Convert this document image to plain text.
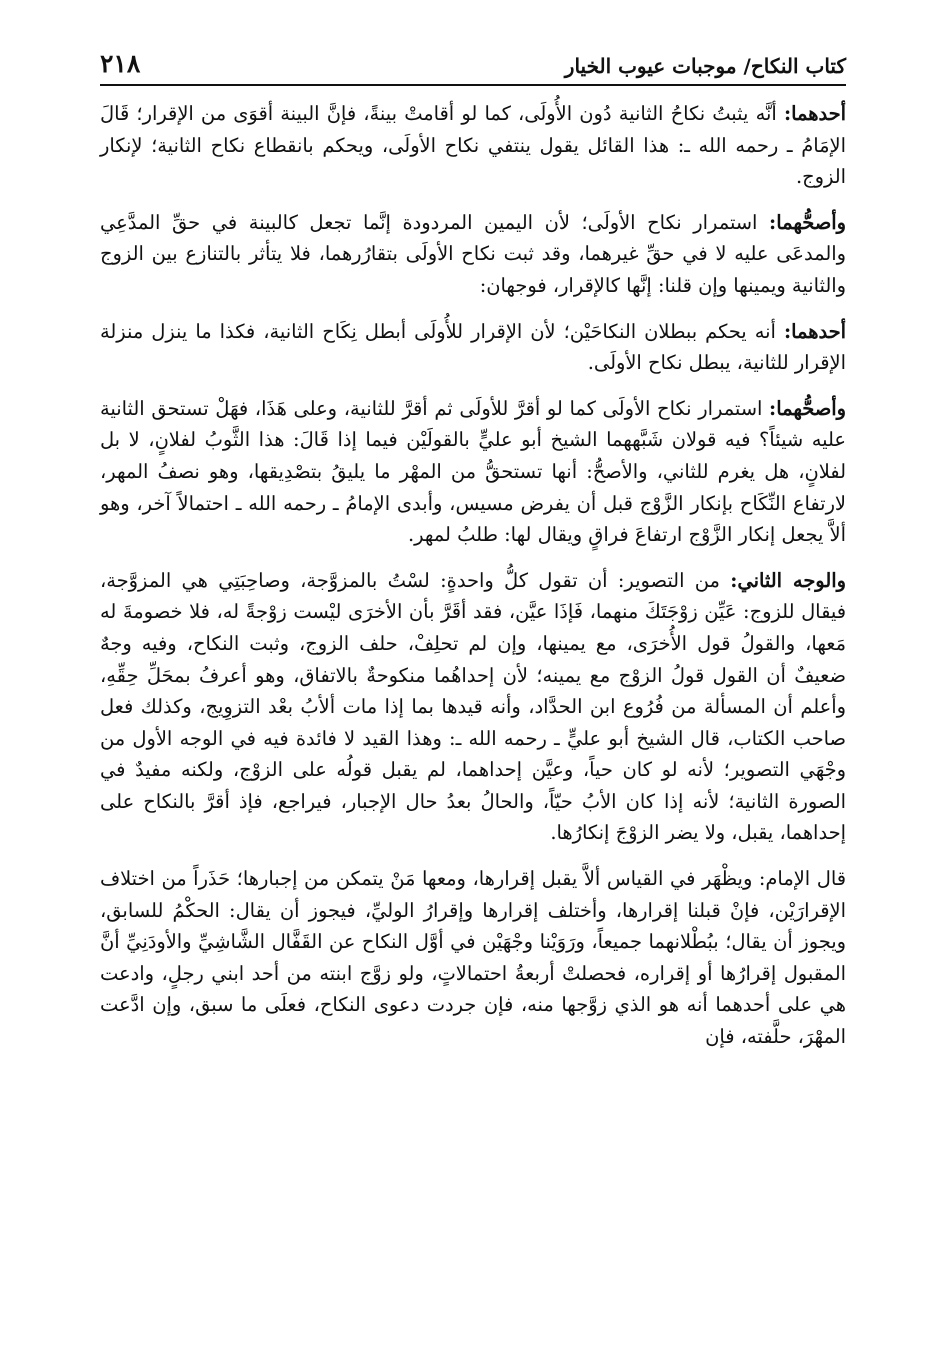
كتاب النكاح/ موجبات عيوب الخيار
٢١٨

أحدهما: أنَّه يثبتُ نكاحُ الثانية دُون الأُولَى، كما لو أقامتْ بينةً، فإنَّ البينة أقوَى من الإقرار؛ قَالَ الإمَامُ ـ رحمه الله ـ: هذا القائل يقول ينتفي نكاح الأولَى، ويحكم بانقطاع نكاح الثانية؛ لإنكار الزوج.

وأصحُّهما: استمرار نكاح الأولَى؛ لأن اليمين المردودة إنَّما تجعل كالبينة في حقِّ المدَّعِي والمدعَى عليه لا في حقِّ غيرهما، وقد ثبت نكاح الأولَى بتقارُرهما، فلا يتأثر بالتنازع بين الزوج والثانية ويمينها وإن قلنا: إنَّها كالإقرار، فوجهان:

أحدهما: أنه يحكم ببطلان النكاحَيْن؛ لأن الإقرار للأُولَى أبطل نِكَاح الثانية، فكذا ما ينزل منزلة الإقرار للثانية، يبطل نكاح الأولَى.

وأصحُّهما: استمرار نكاح الأولَى كما لو أقرَّ للأولَى ثم أقرَّ للثانية، وعلى هَذَا، فهَلْ تستحق الثانية عليه شيئاً؟ فيه قولان شَبَّههما الشيخ أبو عليٍّ بالقولَيْن فيما إذا قَالَ: هذا الثَّوبُ لفلانٍ، لا بل لفلانٍ، هل يغرم للثاني، والأصحُّ: أنها تستحقُّ من المهْر ما يليقُ بتصْدِيقها، وهو نصفُ المهر، لارتفاع النِّكَاح بإنكار الزَّوْج قبل أن يفرض مسيس، وأبدى الإمامُ ـ رحمه الله ـ احتمالاً آخر، وهو ألاَّ يجعل إنكار الزَّوْج ارتفاعَ فراقٍ ويقال لها: طلبُ لمهر.

والوجه الثاني: من التصوير: أن تقول كلُّ واحدةٍ: لسْتُ بالمزوَّجة، وصاحِبَتِي هي المزوَّجة، فيقال للزوج: عَيِّن زوْجَتَكَ منهما، فَإذَا عيَّن، فقد أقَرَّ بأن الأخرَى ليْست زوْجةً له، فلا خصومةَ له مَعها، والقولُ قول الأُخرَى، مع يمينها، وإن لم تحلِفْ، حلف الزوج، وثبت النكاح، وفيه وجهٌ ضعيفٌ أن القول قولُ الزوْج مع يمينه؛ لأن إحداهُما منكوحةٌ بالاتفاق، وهو أعرفُ بمحَلِّ حِقِّهِ، وأعلم أن المسألة من فُرُوع ابن الحدَّاد، وأنه قيدها بما إذا مات ألأبُ بعْد التزوِيج، وكذلك فعل صاحب الكتاب، قال الشيخ أبو عليٍّ ـ رحمه الله ـ: وهذا القيد لا فائدة فيه في الوجه الأول من وجْهَي التصوير؛ لأنه لو كان حياً، وعيَّن إحداهما، لم يقبل قولُه على الزوْج، ولكنه مفيدٌ في الصورة الثانية؛ لأنه إذا كان الأبُ حيّاً، والحالُ بعدُ حال الإجبار، فيراجع، فإذ أقرَّ بالنكاح على إحداهما، يقبل، ولا يضر الزوْجَ إنكارُها.

قال الإمام: ويظْهَر في القياس ألاَّ يقبل إقرارها، ومعها مَنْ يتمكن من إجبارها؛ حَذَراً من اختلاف الإقرارَيْن، فإنْ قبلنا إقرارها، وأختلف إقرارها وإقرارُ الوليِّ، فيجوز أن يقال: الحكْمُ للسابق، ويجوز أن يقال؛ ببُطْلانهما جميعاً، ورَوَيْنا وجْهَيْن في أوَّل النكاح عن القَفَّال الشَّاشِيِّ والأودَنِيِّ أنَّ المقبول إقرارُها أو إقراره، فحصلتْ أربعةُ احتمالاتٍ، ولو زوَّج ابنته من أحد ابني رجلٍ، وادعت هي على أحدهما أنه هو الذي زوَّجها منه، فإن جردت دعوى النكاح، فعلَى ما سبق، وإن ادَّعت المهْرَ، حلَّفته، فإن
